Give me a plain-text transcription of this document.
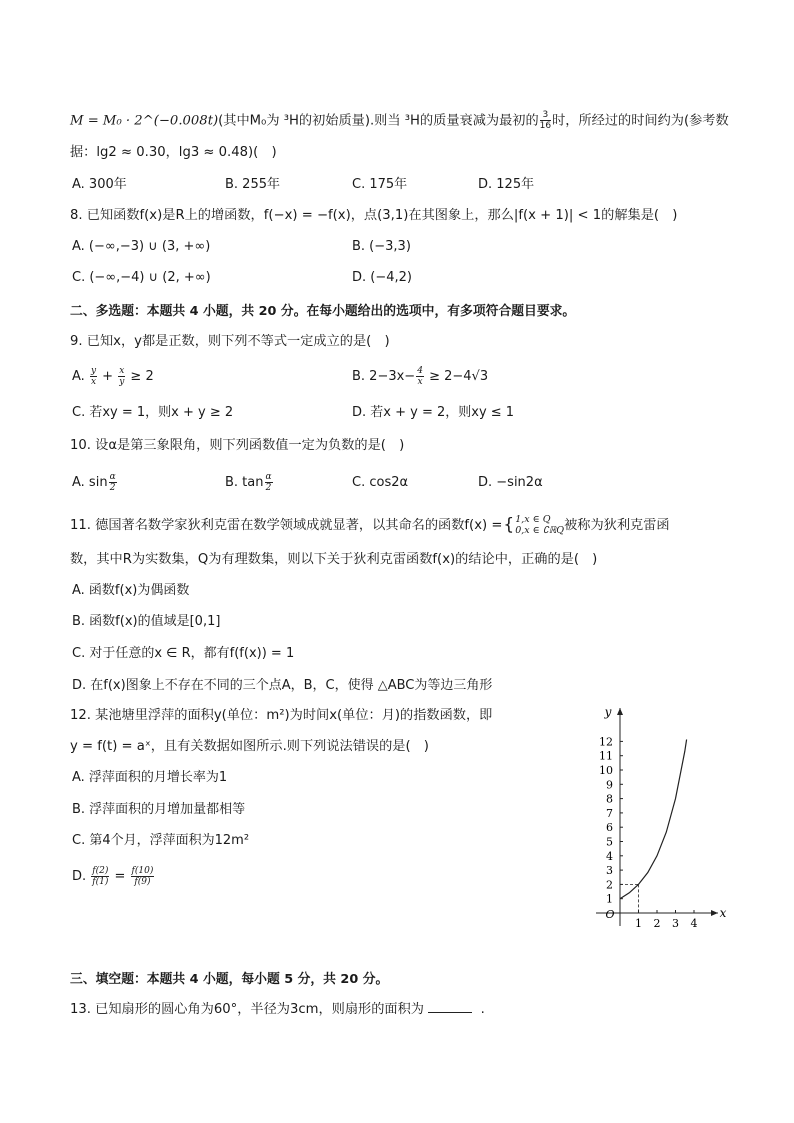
M = M₀ · 2^(−0.008t)(其中M₀为 ³H的初始质量).则当 ³H的质量衰减为最初的 $\frac{3}{16}$ 时，所经过的时间约为(参考数
据：lg2 ≈ 0.30，lg3 ≈ 0.48)(　)
A. 300年	B. 255年	C. 175年	D. 125年
8. 已知函数f(x)是R上的增函数，f(−x) = −f(x)，点(3,1)在其图象上，那么|f(x + 1)| < 1的解集是(　)
A. (−∞,−3) ∪ (3, +∞)	B. (−3,3)
C. (−∞,−4) ∪ (2, +∞)	D. (−4,2)
二、多选题：本题共 4 小题，共 20 分。在每小题给出的选项中，有多项符合题目要求。
9. 已知x，y都是正数，则下列不等式一定成立的是(　)
A. $\frac{y}{x} + \frac{x}{y} \ge 2$	B. $2-3x- \frac{4}{x} \ge 2-4√3$
C. 若xy = 1，则x + y ≥ 2	D. 若x + y = 2，则xy ≤ 1
10. 设α是第三象限角，则下列函数值一定为负数的是(　)
A. $\sin \frac{\alpha}{2}$	B. $\tan \frac{\alpha}{2}$	C. cos2α	D. −sin2α
11. 德国著名数学家狄利克雷在数学领域成就显著，以其命名的函数f(x) ={ 1,x ∈ Q
0,x ∈ ∁ℝQ 被称为狄利克雷函
数，其中R为实数集，Q为有理数集，则以下关于狄利克雷函数f(x)的结论中，正确的是(　)
A. 函数f(x)为偶函数
B. 函数f(x)的值域是[0,1]
C. 对于任意的x ∈ R，都有f(f(x)) = 1
D. 在f(x)图象上不存在不同的三个点A，B，C，使得 △ABC为等边三角形
12. 某池塘里浮萍的面积y(单位：m²)为时间x(单位：月)的指数函数，即
y = f(t) = aˣ，且有关数据如图所示.则下列说法错误的是(　)
A. 浮萍面积的月增长率为1
B. 浮萍面积的月增加量都相等
C. 第4个月，浮萍面积为12m²
D. $\frac{f(2)}{f(1)} = \frac{f(10)}{f(9)}$
x
y
O
1 2 3 4
1
2
3
4
5
6
7
8
9
10
11
12
三、填空题：本题共 4 小题，每小题 5 分，共 20 分。
13. 已知扇形的圆心角为60°，半径为3cm，则扇形的面积为	.
